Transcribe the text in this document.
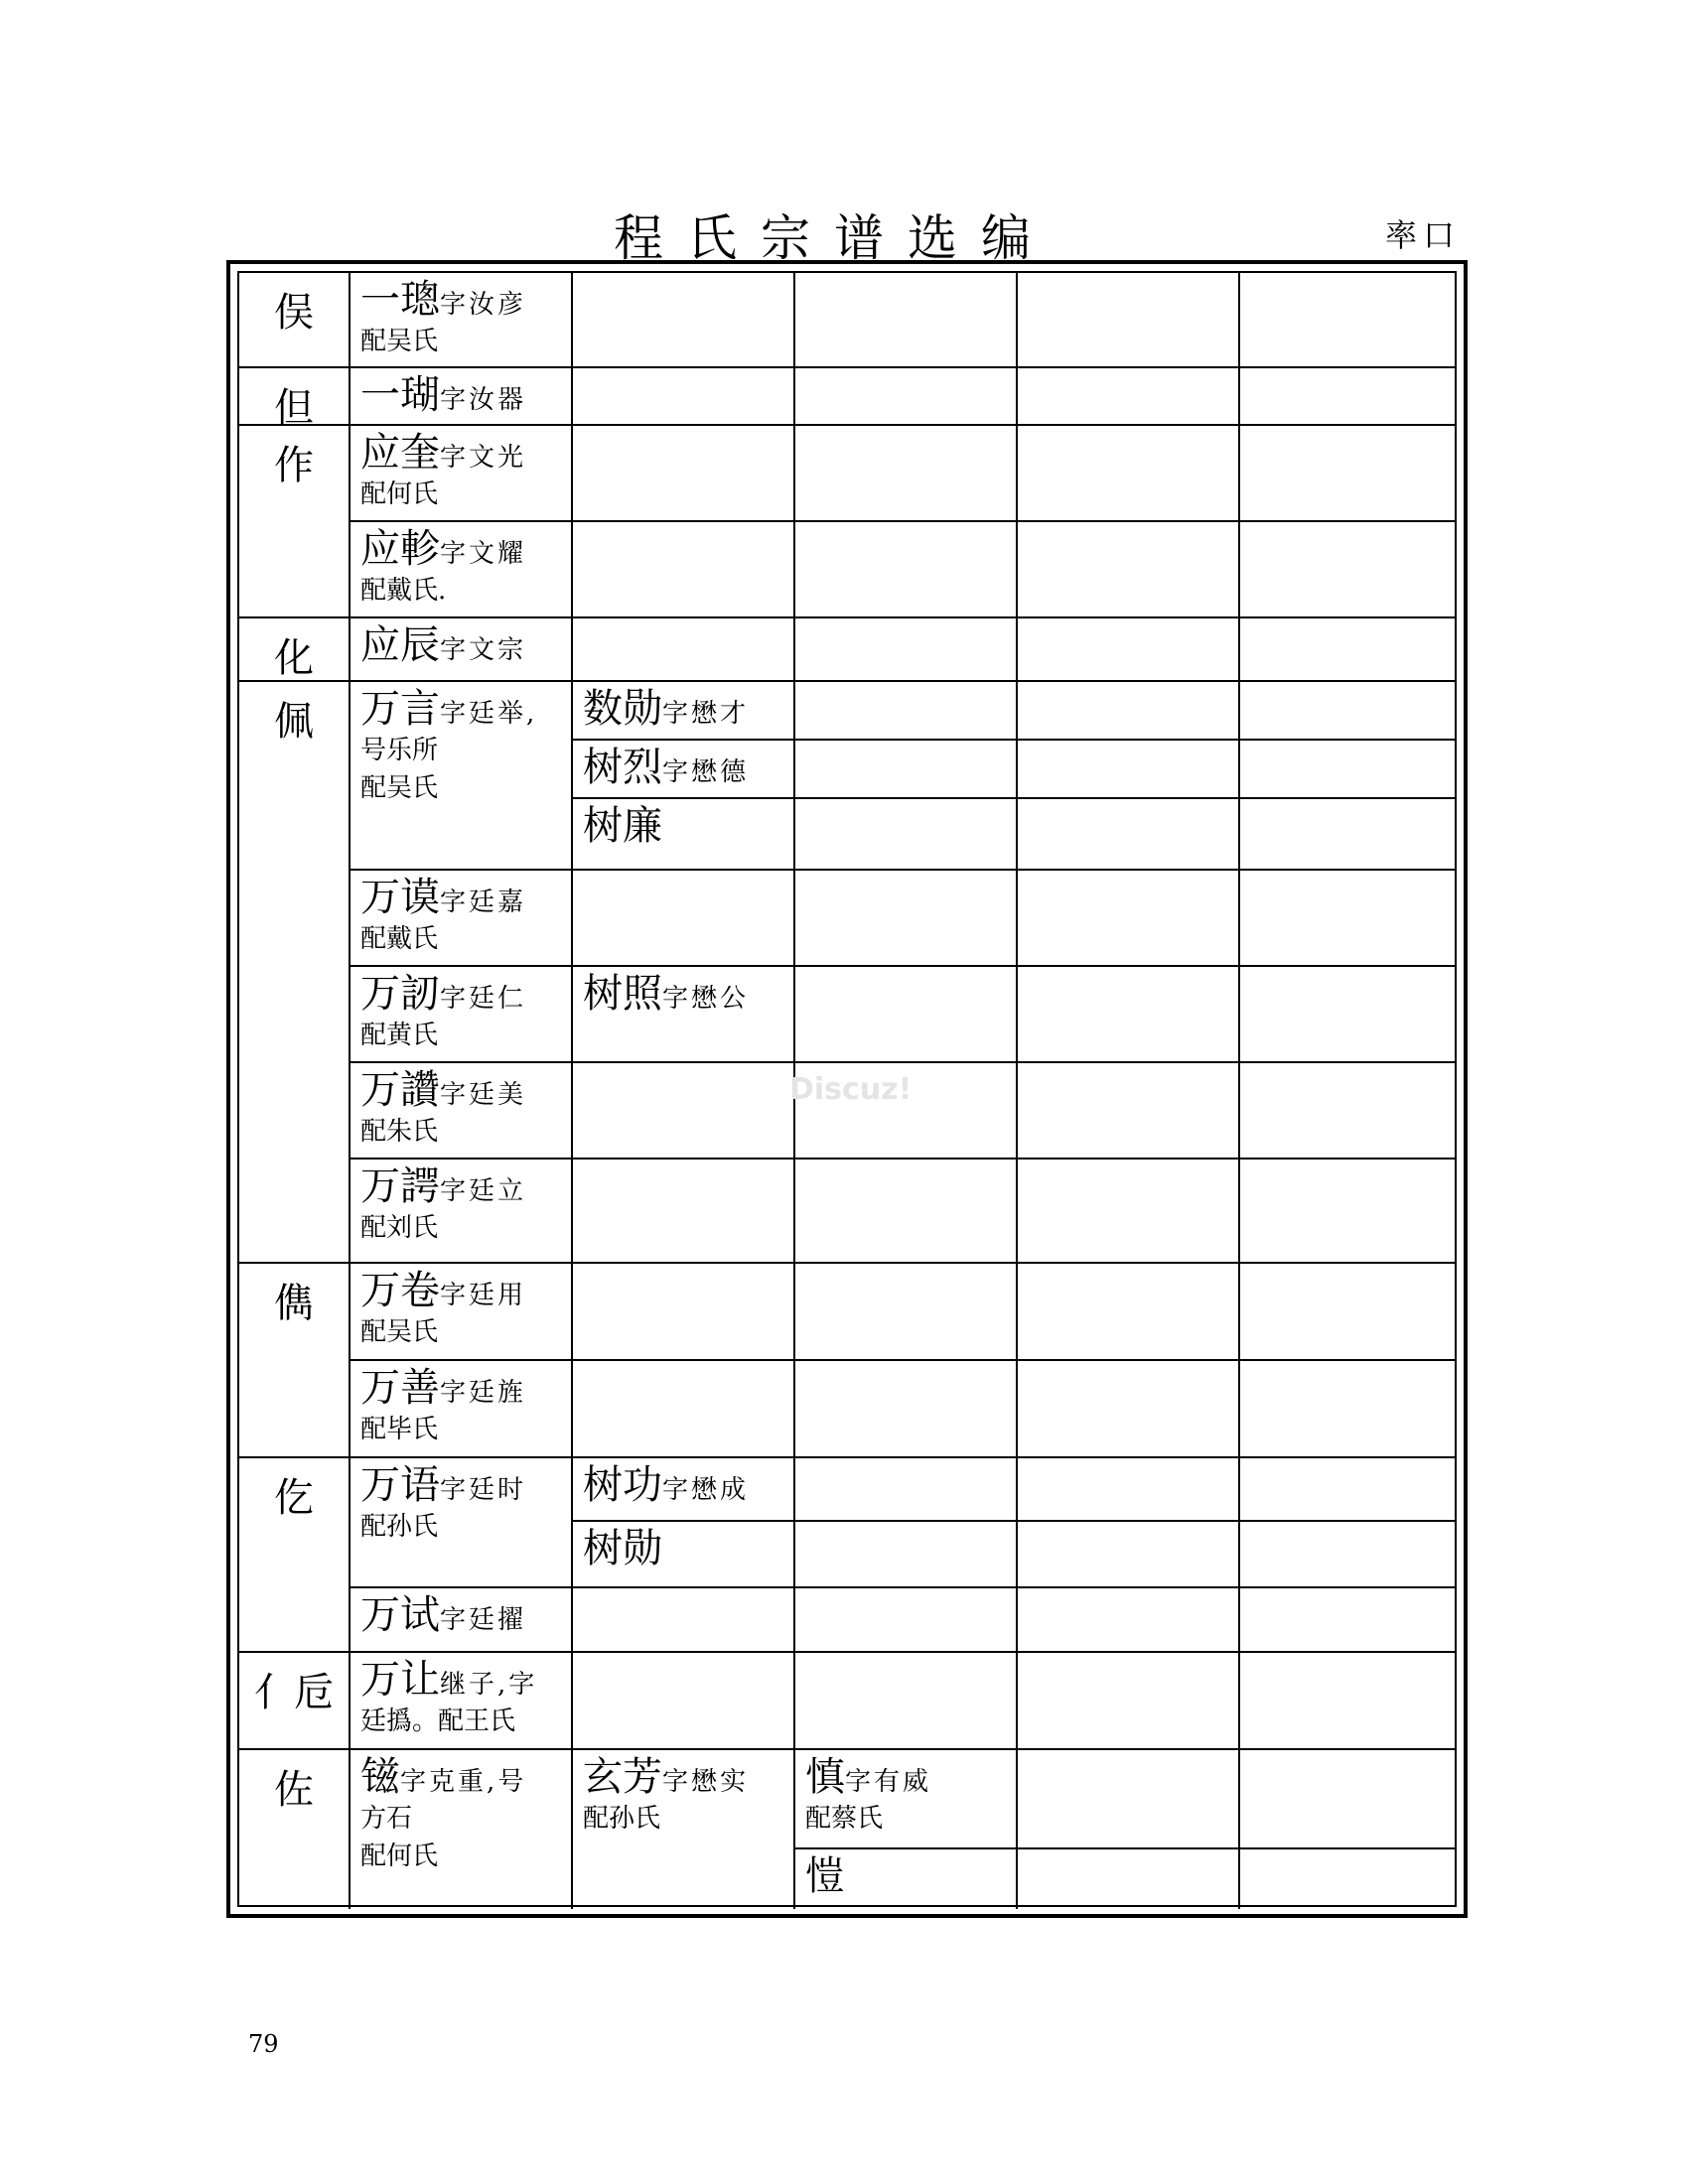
程氏宗谱选编	率口
俣
但
作
化
佩
儁
仡
亻卮
佐
一璁字汝彦
配吴氏
一瑚字汝器
应奎字文光
配何氏
应軫字文耀
配戴氏.
应辰字文宗
万言字廷举,
号乐所
配吴氏
万谟字廷嘉
配戴氏
万訒字廷仁
配黄氏
万讚字廷美
配朱氏
万諤字廷立
配刘氏
万卷字廷用
配吴氏
万善字廷旌
配毕氏
万语字廷时
配孙氏
万试字廷擢
万让继子,字
廷撝。配王氏
镃字克重,号
方石
配何氏
数勋字懋才
树烈字懋德
树廉
树照字懋公
树功字懋成
树勋
玄芳字懋实
配孙氏
慎字有威
配蔡氏
愷
Discuz!
79
